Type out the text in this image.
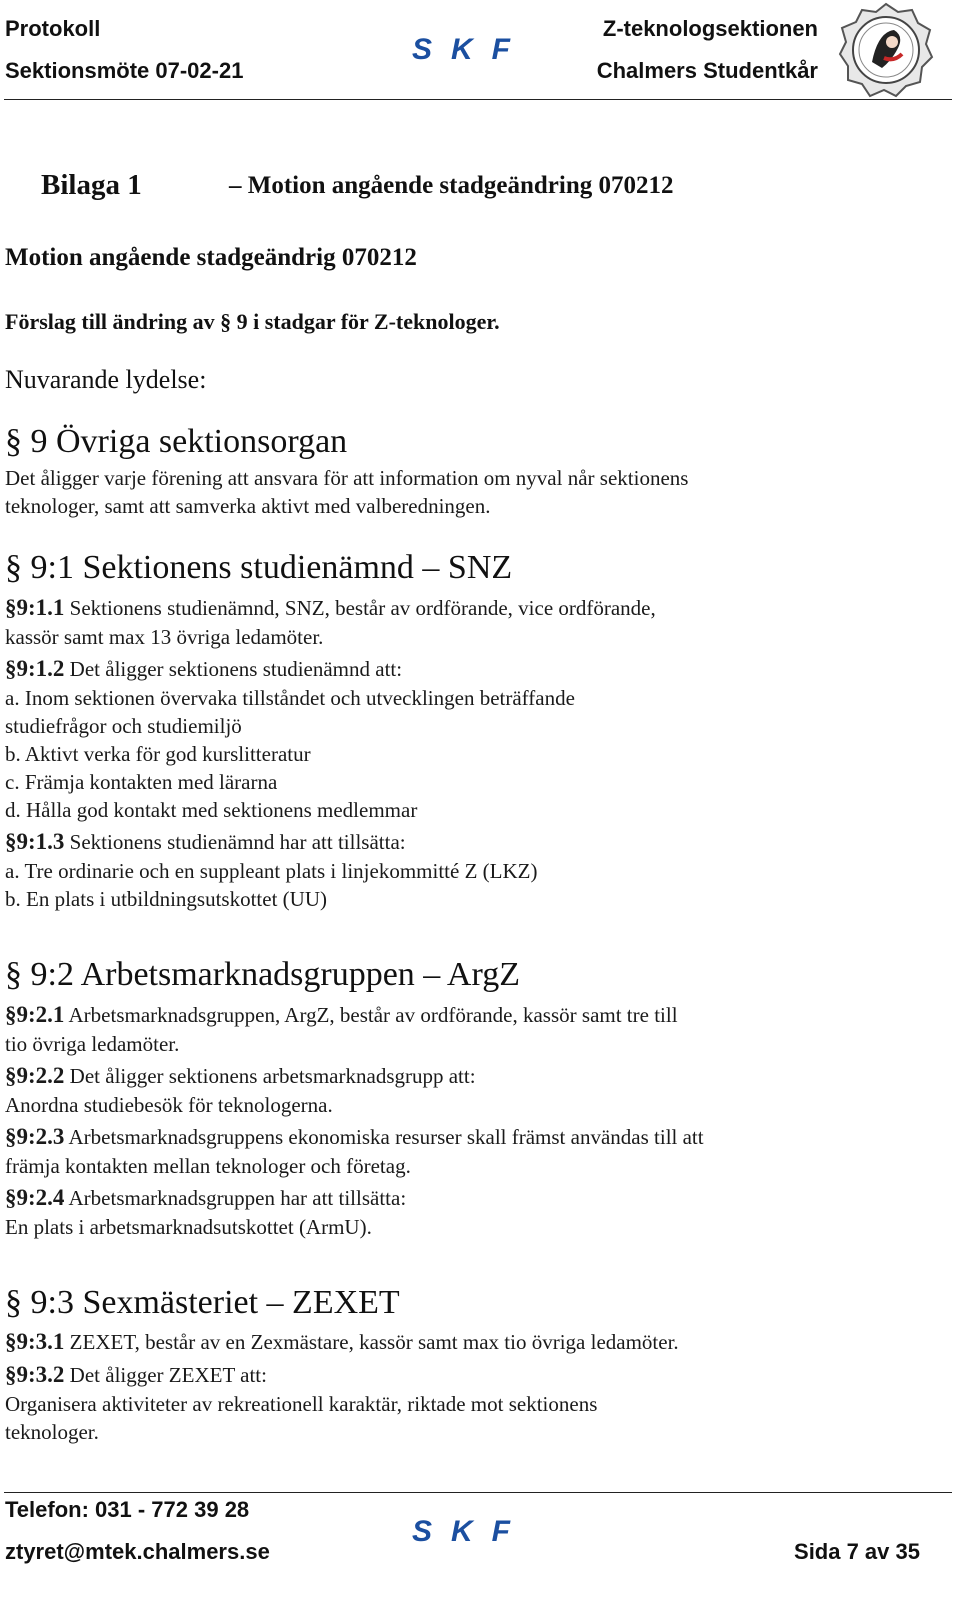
Protokoll
Sektionsmöte 07-02-21
SKF
Z-teknologsektionen
Chalmers Studentkår
Bilaga 1	– Motion angående stadgeändring 070212
Motion angående stadgeändrig 070212
Förslag till ändring av § 9 i stadgar för Z-teknologer.
Nuvarande lydelse:
§ 9 Övriga sektionsorgan
Det åligger varje förening att ansvara för att information om nyval når sektionens
teknologer, samt att samverka aktivt med valberedningen.
§ 9:1 Sektionens studienämnd – SNZ
§9:1.1 Sektionens studienämnd, SNZ, består av ordförande, vice ordförande,
kassör samt max 13 övriga ledamöter.
§9:1.2 Det åligger sektionens studienämnd att:
a. Inom sektionen övervaka tillståndet och utvecklingen beträffande
studiefrågor och studiemiljö
b. Aktivt verka för god kurslitteratur
c. Främja kontakten med lärarna
d. Hålla god kontakt med sektionens medlemmar
§9:1.3 Sektionens studienämnd har att tillsätta:
a. Tre ordinarie och en suppleant plats i linjekommitté Z (LKZ)
b. En plats i utbildningsutskottet (UU)
§ 9:2 Arbetsmarknadsgruppen – ArgZ
§9:2.1 Arbetsmarknadsgruppen, ArgZ, består av ordförande, kassör samt tre till
tio övriga ledamöter.
§9:2.2 Det åligger sektionens arbetsmarknadsgrupp att:
Anordna studiebesök för teknologerna.
§9:2.3 Arbetsmarknadsgruppens ekonomiska resurser skall främst användas till att
främja kontakten mellan teknologer och företag.
§9:2.4 Arbetsmarknadsgruppen har att tillsätta:
En plats i arbetsmarknadsutskottet (ArmU).
§ 9:3 Sexmästeriet – ZEXET
§9:3.1 ZEXET, består av en Zexmästare, kassör samt max tio övriga ledamöter.
§9:3.2 Det åligger ZEXET att:
Organisera aktiviteter av rekreationell karaktär, riktade mot sektionens
teknologer.
Telefon: 031 - 772 39 28
SKF
ztyret@mtek.chalmers.se	Sida 7 av 35
